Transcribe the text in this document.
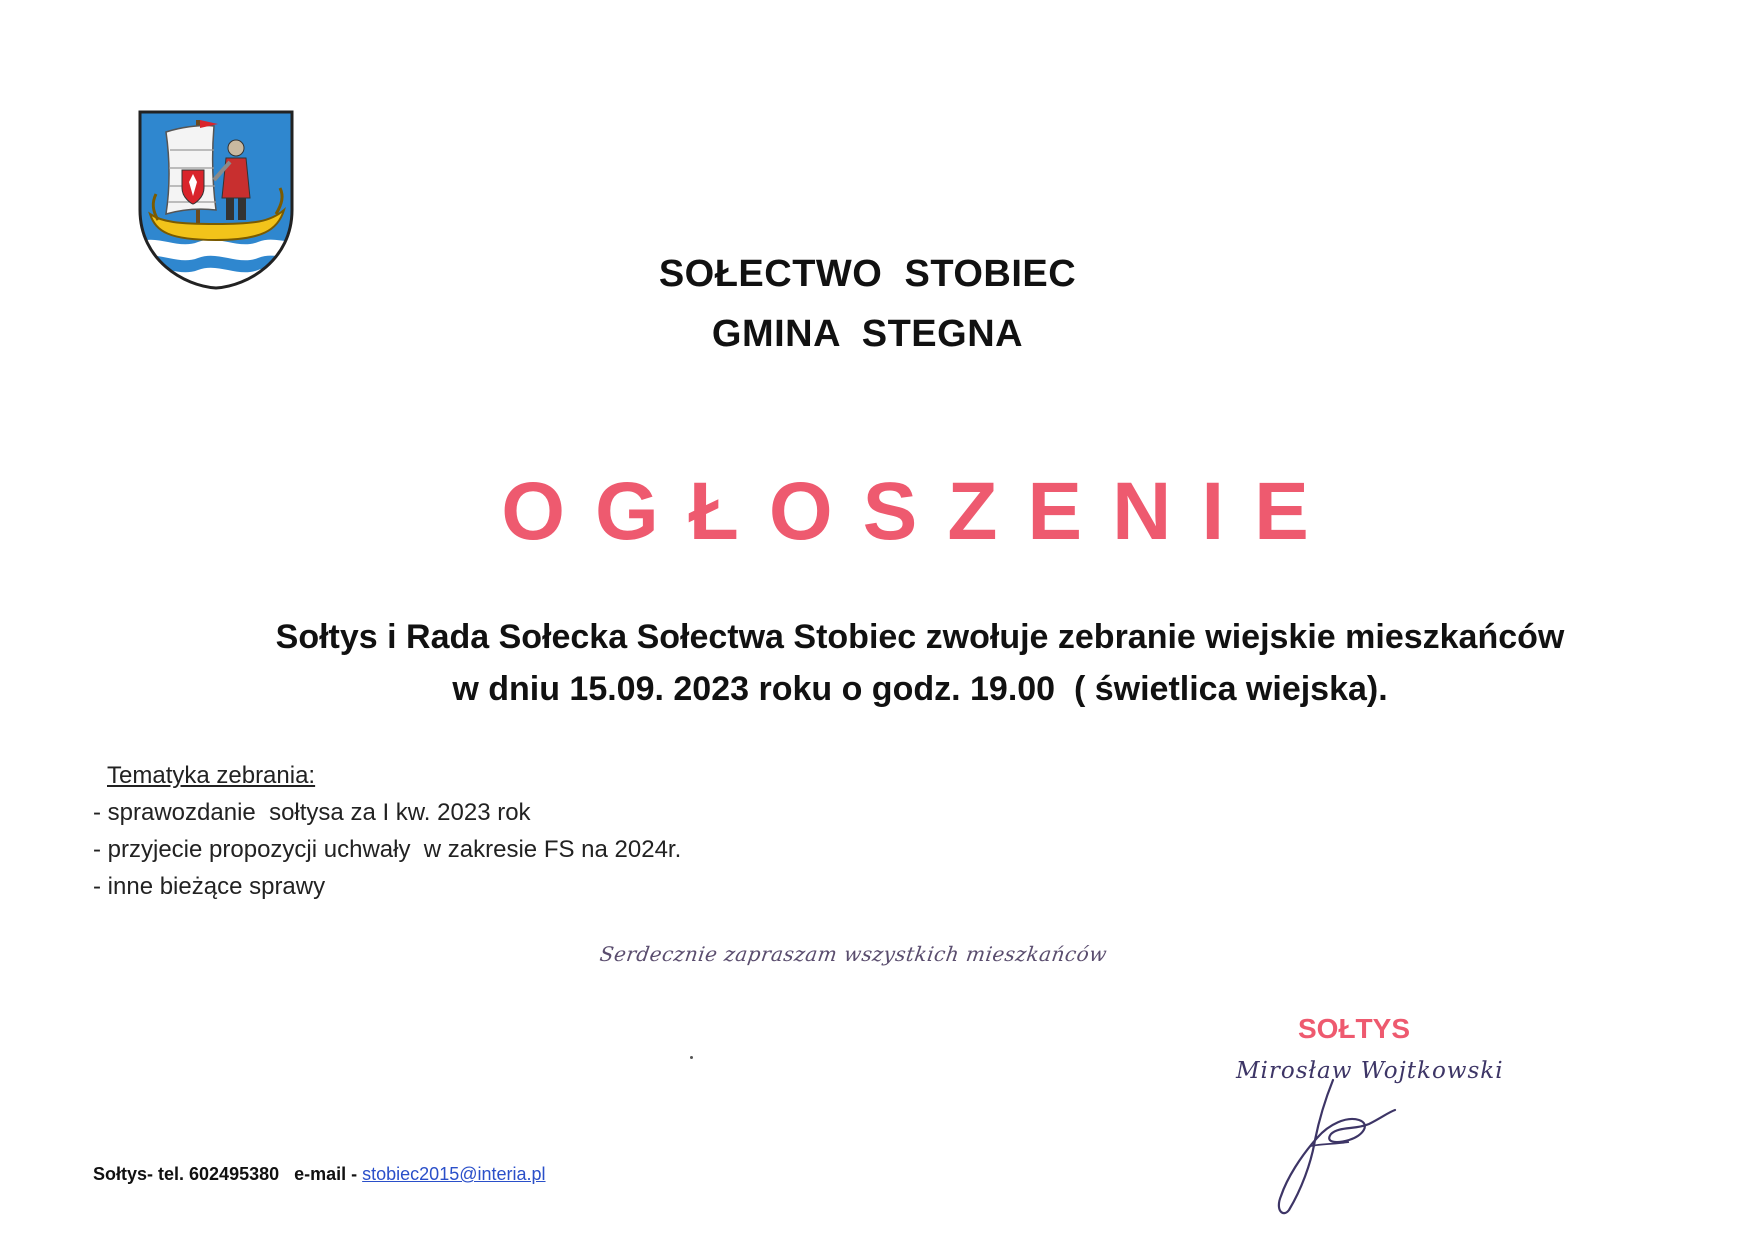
SOŁECTWO  STOBIEC
GMINA  STEGNA
OGŁOSZENIE
Sołtys i Rada Sołecka Sołectwa Stobiec zwołuje zebranie wiejskie mieszkańców
w dniu 15.09. 2023 roku o godz. 19.00  ( świetlica wiejska).
Tematyka zebrania:
- sprawozdanie  sołtysa za I kw. 2023 rok
- przyjecie propozycji uchwały  w zakresie FS na 2024r.
- inne bieżące sprawy
Serdecznie zapraszam wszystkich mieszkańców
SOŁTYS
Mirosław Wojtkowski
Sołtys- tel. 602495380   e-mail - stobiec2015@interia.pl
